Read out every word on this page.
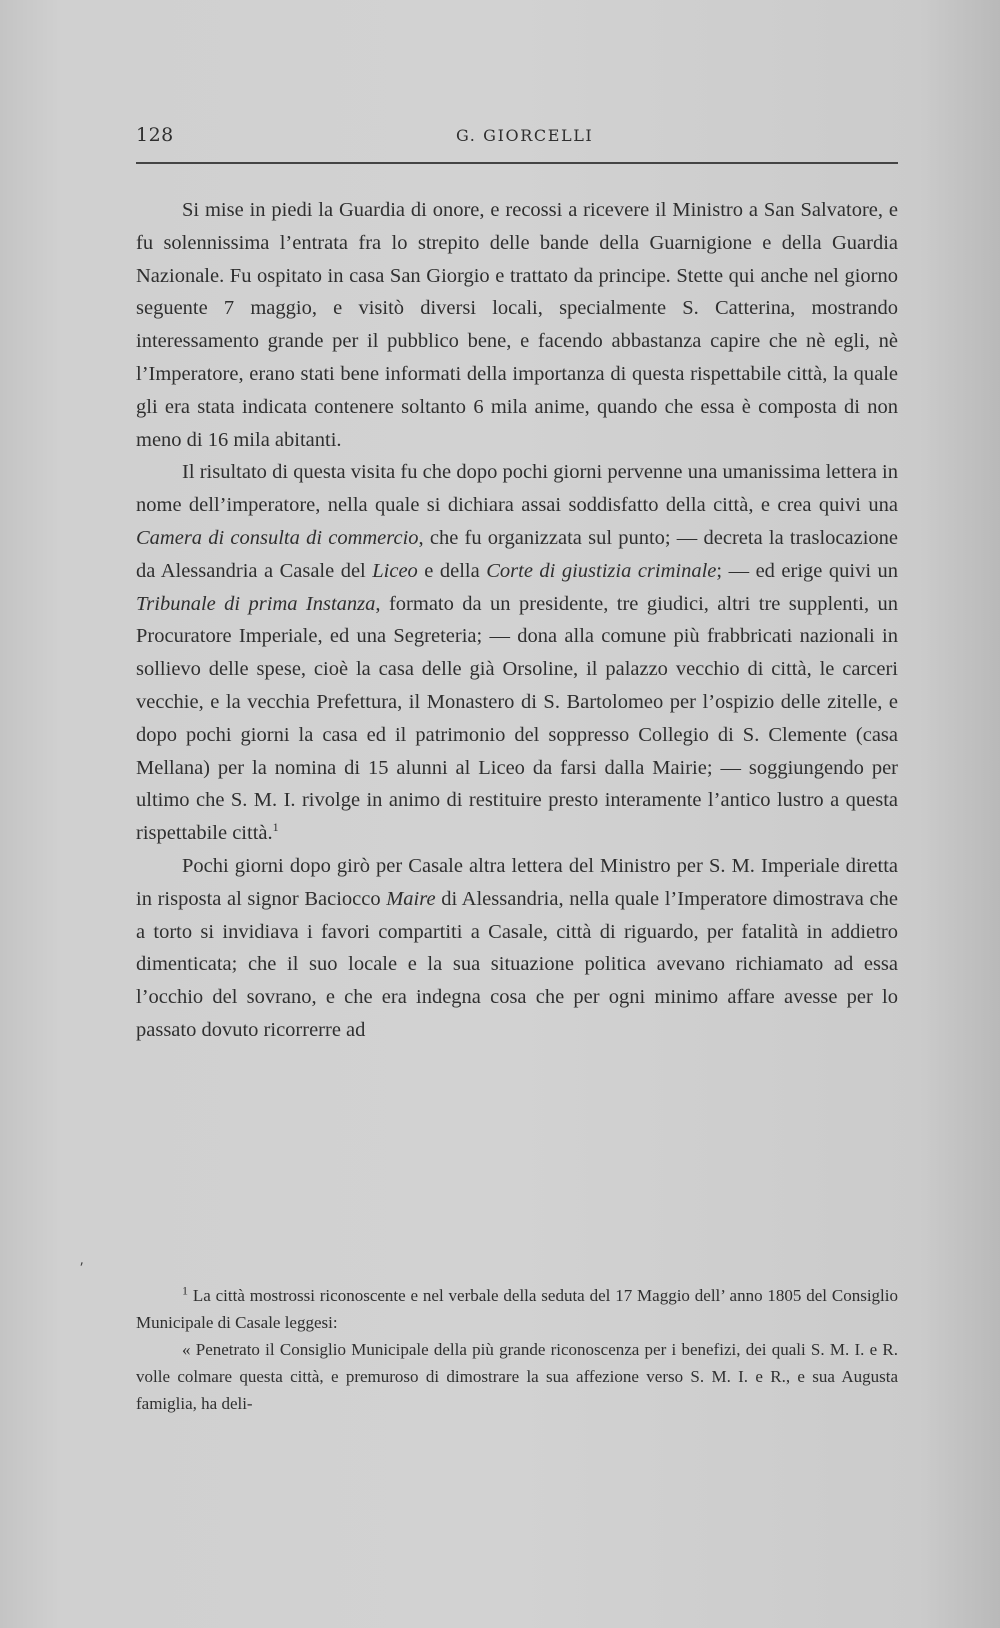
128	G. GIORCELLI

Si mise in piedi la Guardia di onore, e recossi a ricevere il Ministro a San Salvatore, e fu solennissima l’entrata fra lo strepito delle bande della Guarnigione e della Guardia Nazionale. Fu ospitato in casa San Giorgio e trattato da principe. Stette qui anche nel giorno seguente 7 maggio, e visitò diversi locali, specialmente S. Catterina, mostrando interessamento grande per il pubblico bene, e facendo abbastanza capire che nè egli, nè l’Imperatore, erano stati bene informati della importanza di questa rispettabile città, la quale gli era stata indicata contenere soltanto 6 mila anime, quando che essa è composta di non meno di 16 mila abitanti.

Il risultato di questa visita fu che dopo pochi giorni pervenne una umanissima lettera in nome dell’imperatore, nella quale si dichiara assai soddisfatto della città, e crea quivi una Camera di consulta di commercio, che fu organizzata sul punto; — decreta la traslocazione da Alessandria a Casale del Liceo e della Corte di giustizia criminale; — ed erige quivi un Tribunale di prima Instanza, formato da un presidente, tre giudici, altri tre supplenti, un Procuratore Imperiale, ed una Segreteria; — dona alla comune più frabbricati nazionali in sollievo delle spese, cioè la casa delle già Orsoline, il palazzo vecchio di città, le carceri vecchie, e la vecchia Prefettura, il Monastero di S. Bartolomeo per l’ospizio delle zitelle, e dopo pochi giorni la casa ed il patrimonio del soppresso Collegio di S. Clemente (casa Mellana) per la nomina di 15 alunni al Liceo da farsi dalla Mairie; — soggiungendo per ultimo che S. M. I. rivolge in animo di restituire presto interamente l’antico lustro a questa rispettabile città.$^1$

Pochi giorni dopo girò per Casale altra lettera del Ministro per S. M. Imperiale diretta in risposta al signor Baciocco Maire di Alessandria, nella quale l’Imperatore dimostrava che a torto si invidiava i favori compartiti a Casale, città di riguardo, per fatalità in addietro dimenticata; che il suo locale e la sua situazione politica avevano richiamato ad essa l’occhio del sovrano, e che era indegna cosa che per ogni minimo affare avesse per lo passato dovuto ricorrerre ad

⸴

$^1$ La città mostrossi riconoscente e nel verbale della seduta del 17 Maggio dell’ anno 1805 del Consiglio Municipale di Casale leggesi:

« Penetrato il Consiglio Municipale della più grande riconoscenza per i benefizi, dei quali S. M. I. e R. volle colmare questa città, e premuroso di dimostrare la sua affezione verso S. M. I. e R., e sua Augusta famiglia, ha deli-
